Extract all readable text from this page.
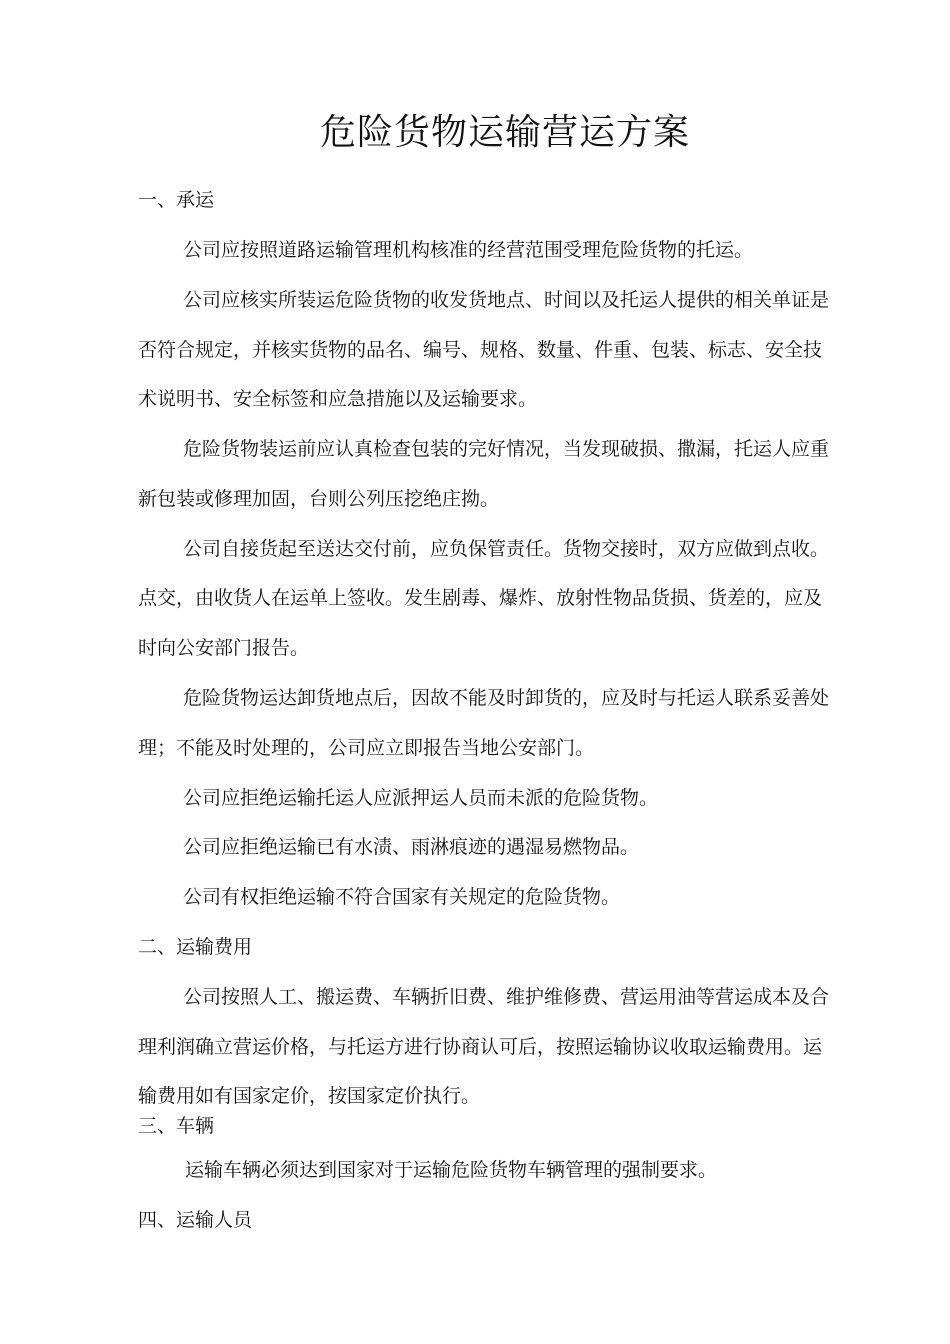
危险货物运输营运方案

一、承运

公司应按照道路运输管理机构核准的经营范围受理危险货物的托运。

公司应核实所装运危险货物的收发货地点、时间以及托运人提供的相关单证是

否符合规定，并核实货物的品名、编号、规格、数量、件重、包装、标志、安全技

术说明书、安全标签和应急措施以及运输要求。

危险货物装运前应认真检查包装的完好情况，当发现破损、撒漏，托运人应重

新包装或修理加固，台则公列压挖绝庄拗。

公司自接货起至送达交付前，应负保管责任。货物交接时，双方应做到点收。

点交，由收货人在运单上签收。发生剧毒、爆炸、放射性物品货损、货差的，应及

时向公安部门报告。

危险货物运达卸货地点后，因故不能及时卸货的，应及时与托运人联系妥善处

理；不能及时处理的，公司应立即报告当地公安部门。

公司应拒绝运输托运人应派押运人员而未派的危险货物。

公司应拒绝运输已有水渍、雨淋痕迹的遇湿易燃物品。

公司有权拒绝运输不符合国家有关规定的危险货物。

二、运输费用

公司按照人工、搬运费、车辆折旧费、维护维修费、营运用油等营运成本及合

理利润确立营运价格，与托运方进行协商认可后，按照运输协议收取运输费用。运

输费用如有国家定价，按国家定价执行。

三、车辆

运输车辆必须达到国家对于运输危险货物车辆管理的强制要求。

四、运输人员
